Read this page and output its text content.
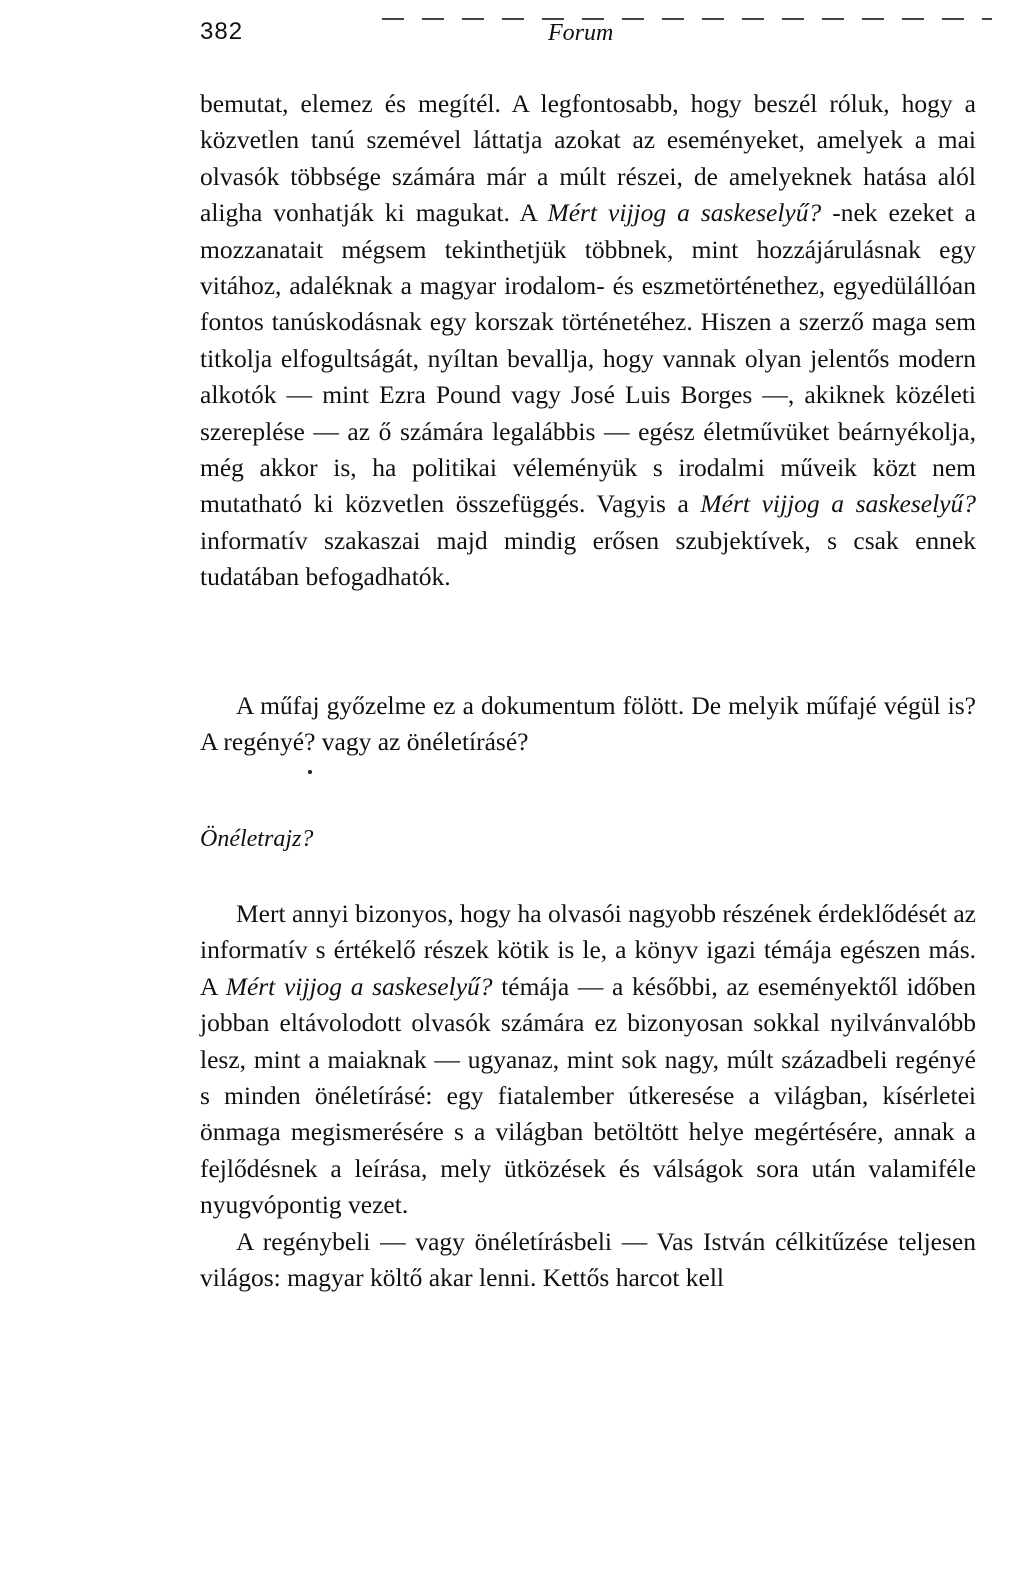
382	Forum

bemutat, elemez és megítél. A legfontosabb, hogy beszél róluk, hogy a közvetlen tanú szemével láttatja azokat az eseményeket, amelyek a mai olvasók többsége számára már a múlt részei, de amelyeknek hatása alól aligha vonhatják ki magukat. A Mért vijjog a saskeselyű? -nek ezeket a mozzanatait mégsem tekinthetjük többnek, mint hozzájárulásnak egy vitához, adaléknak a magyar irodalom- és eszmetörténethez, egyedülállóan fontos tanúskodásnak egy korszak történetéhez. Hiszen a szerző maga sem titkolja elfogultságát, nyíltan bevallja, hogy vannak olyan jelentős modern alkotók — mint Ezra Pound vagy José Luis Borges —, akiknek közéleti szereplése — az ő számára legalábbis — egész életművüket beárnyékolja, még akkor is, ha politikai véleményük s irodalmi műveik közt nem mutatható ki közvetlen összefüggés. Vagyis a Mért vijjog a saskeselyű? informatív szakaszai majd mindig erősen szubjektívek, s csak ennek tudatában befogadhatók.

A műfaj győzelme ez a dokumentum fölött. De melyik műfajé végül is? A regényé? vagy az önéletírásé?

Önéletrajz?

Mert annyi bizonyos, hogy ha olvasói nagyobb részének érdeklődését az informatív s értékelő részek kötik is le, a könyv igazi témája egészen más. A Mért vijjog a saskeselyű? témája — a későbbi, az eseményektől időben jobban eltávolodott olvasók számára ez bizonyosan sokkal nyilvánvalóbb lesz, mint a maiaknak — ugyanaz, mint sok nagy, múlt századbeli regényé s minden önéletírásé: egy fiatalember útkeresése a világban, kísérletei önmaga megismerésére s a világban betöltött helye megértésére, annak a fejlődésnek a leírása, mely ütközések és válságok sora után valamiféle nyugvópontig vezet.

A regénybeli — vagy önéletírásbeli — Vas István célkitűzése teljesen világos: magyar költő akar lenni. Kettős harcot kell
